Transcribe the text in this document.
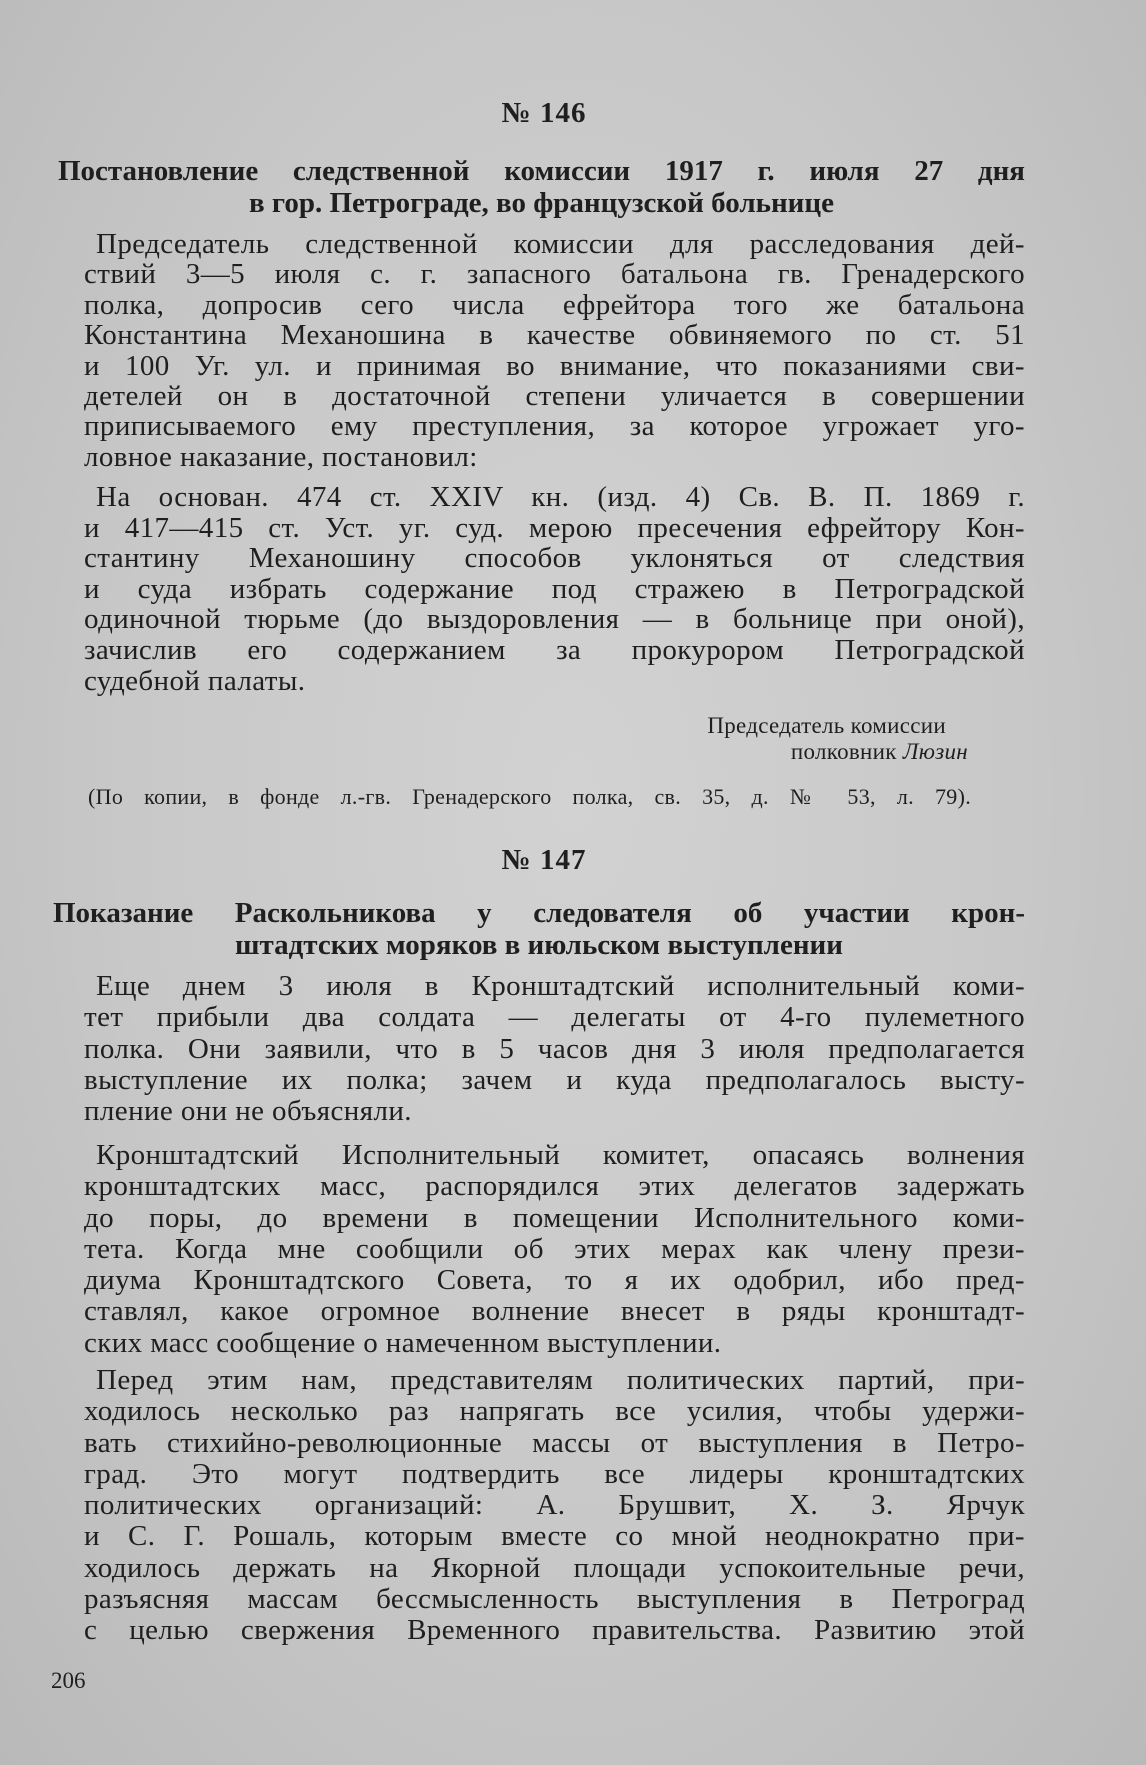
№ 146
Постановление следственной комиссии 1917 г. июля 27 дня
в гор. Петрограде, во французской больнице
Председатель следственной комиссии для расследования дей-
ствий 3—5 июля с. г. запасного батальона гв. Гренадерского
полка, допросив сего числа ефрейтора того же батальона
Константина Механошина в качестве обвиняемого по ст. 51
и 100 Уг. ул. и принимая во внимание, что показаниями сви-
детелей он в достаточной степени уличается в совершении
приписываемого ему преступления, за которое угрожает уго-
ловное наказание, постановил:
На основан. 474 ст. XXIV кн. (изд. 4) Св. В. П. 1869 г.
и 417—415 ст. Уст. уг. суд. мерою пресечения ефрейтору Кон-
стантину Механошину способов уклоняться от следствия
и суда избрать содержание под стражею в Петроградской
одиночной тюрьме (до выздоровления — в больнице при оной),
зачислив его содержанием за прокурором Петроградской
судебной палаты.
Председатель комиссии
полковник Люзин
(По копии, в фонде л.-гв. Гренадерского полка, св. 35, д. № 53, л. 79).
№ 147
Показание Раскольникова у следователя об участии крон-
штадтских моряков в июльском выступлении
Еще днем 3 июля в Кронштадтский исполнительный коми-
тет прибыли два солдата — делегаты от 4-го пулеметного
полка. Они заявили, что в 5 часов дня 3 июля предполагается
выступление их полка; зачем и куда предполагалось высту-
пление они не объясняли.
Кронштадтский Исполнительный комитет, опасаясь волнения
кронштадтских масс, распорядился этих делегатов задержать
до поры, до времени в помещении Исполнительного коми-
тета. Когда мне сообщили об этих мерах как члену прези-
диума Кронштадтского Совета, то я их одобрил, ибо пред-
ставлял, какое огромное волнение внесет в ряды кронштадт-
ских масс сообщение о намеченном выступлении.
Перед этим нам, представителям политических партий, при-
ходилось несколько раз напрягать все усилия, чтобы удержи-
вать стихийно-революционные массы от выступления в Петро-
град. Это могут подтвердить все лидеры кронштадтских
политических организаций: А. Брушвит, Х. З. Ярчук
и С. Г. Рошаль, которым вместе со мной неоднократно при-
ходилось держать на Якорной площади успокоительные речи,
разъясняя массам бессмысленность выступления в Петроград
с целью свержения Временного правительства. Развитию этой
206
